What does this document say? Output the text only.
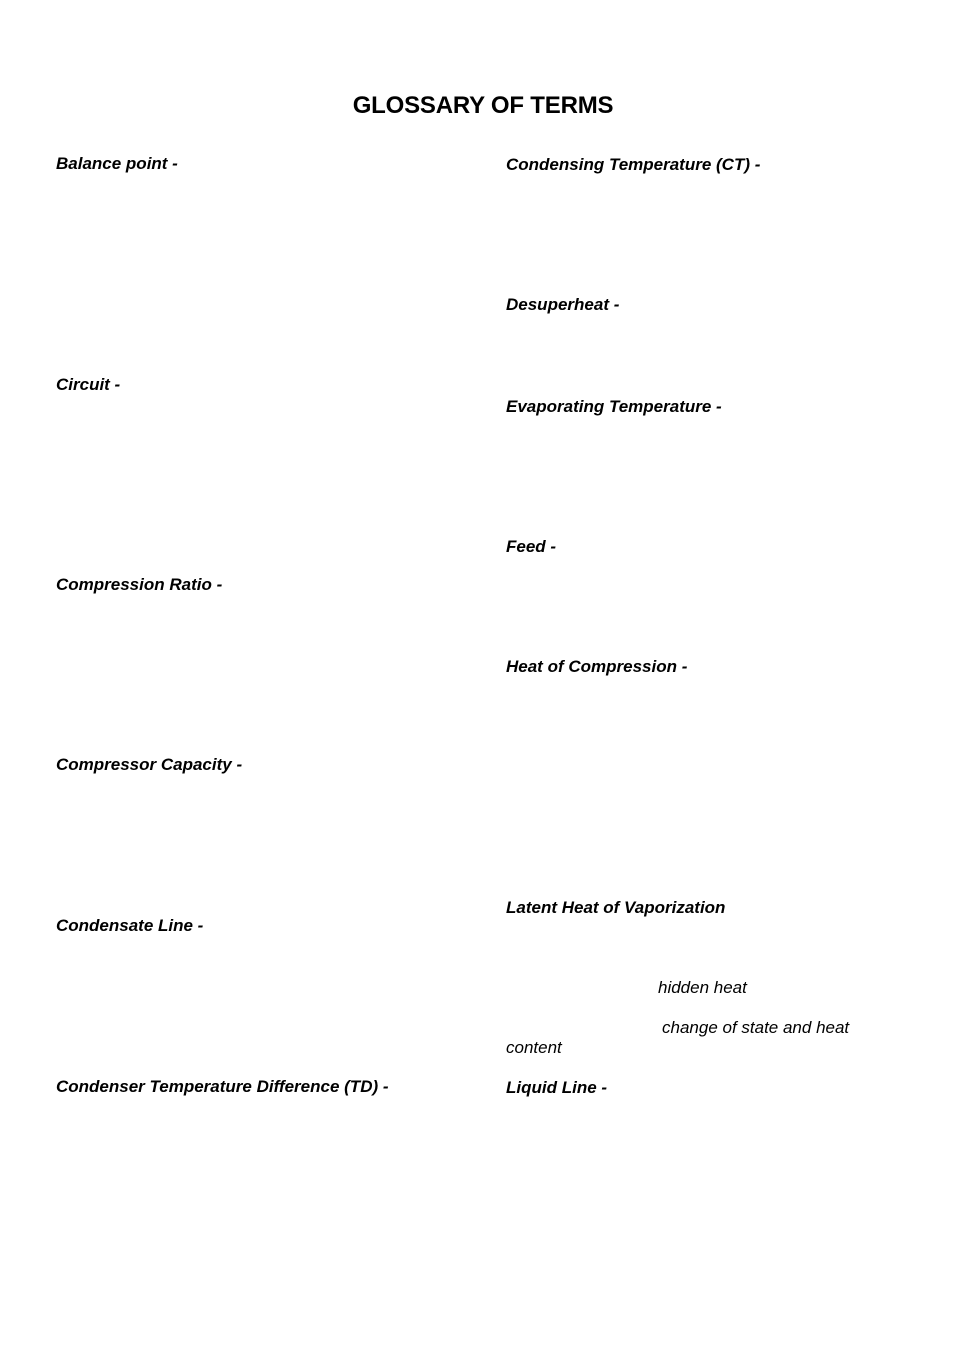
GLOSSARY OF TERMS

Balance point -

Circuit -

Compression Ratio -

Compressor Capacity -

Condensate Line -

Condenser Temperature Difference (TD) -

Condensing Temperature (CT) -

Desuperheat -

Evaporating Temperature -

Feed -

Heat of Compression -

Latent Heat of Vaporization

hidden heat

change of state and heat

content

Liquid Line -
